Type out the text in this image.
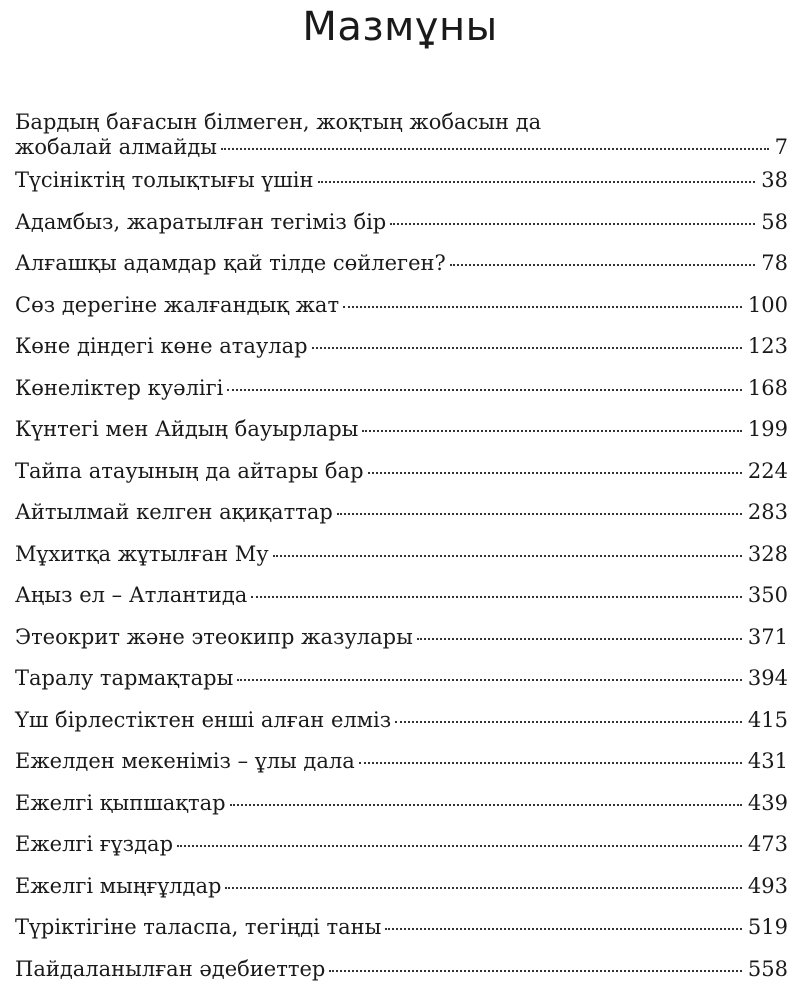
Мазмұны
Бардың бағасын білмеген, жоқтың жобасын да
жобалай алмайды	7
Түсініктің толықтығы үшін	38
Адамбыз, жаратылған тегіміз бір	58
Алғашқы адамдар қай тілде сөйлеген?	78
Сөз дерегіне жалғандық жат	100
Көне діндегі көне атаулар	123
Көнеліктер куәлігі	168
Күнтегі мен Айдың бауырлары	199
Тайпа атауының да айтары бар	224
Айтылмай келген ақиқаттар	283
Мұхитқа жұтылған Му	328
Аңыз ел – Атлантида	350
Этеокрит және этеокипр жазулары	371
Таралу тармақтары	394
Үш бірлестіктен енші алған елміз	415
Ежелден мекеніміз – ұлы дала	431
Ежелгі қыпшақтар	439
Ежелгі ғұздар	473
Ежелгі мыңғұлдар	493
Түріктігіне таласпа, тегіңді таны	519
Пайдаланылған әдебиеттер	558
